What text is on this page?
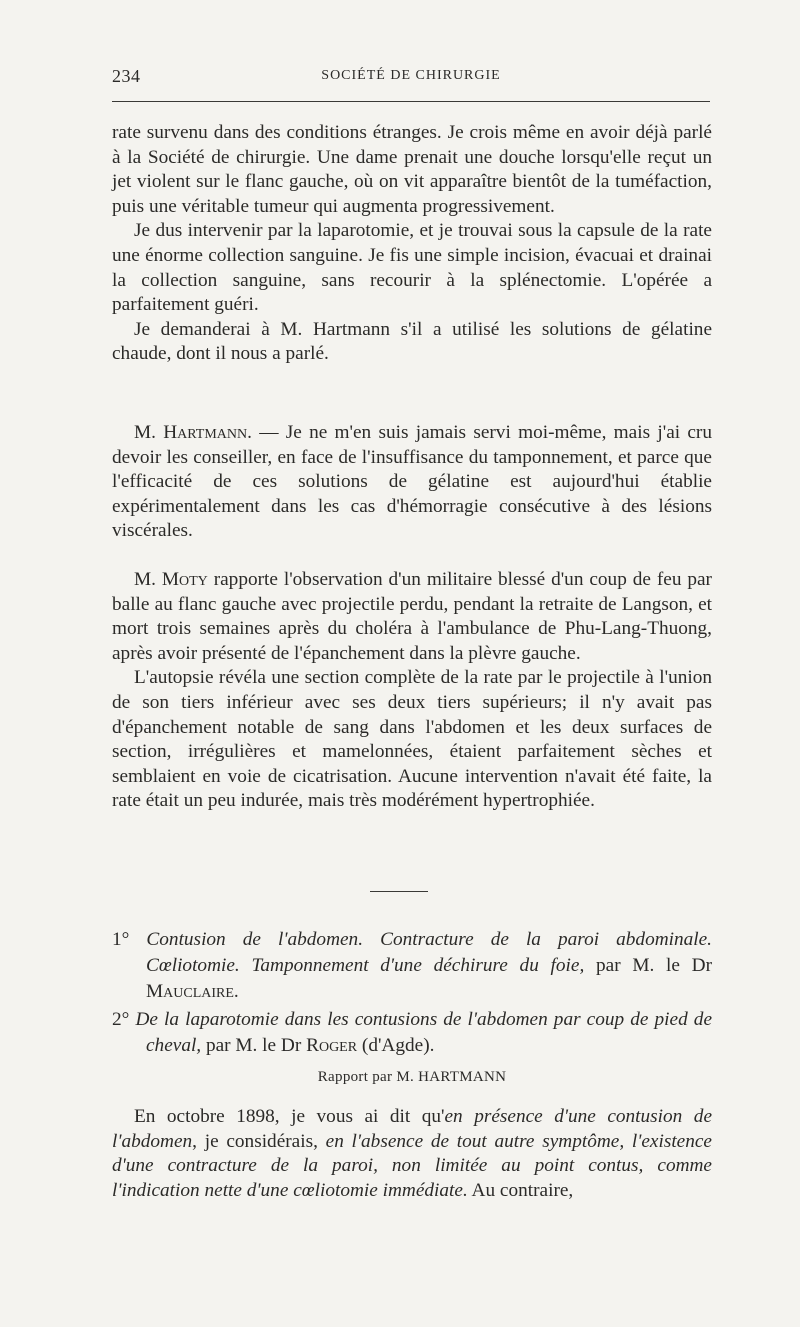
234	SOCIÉTÉ DE CHIRURGIE

rate survenu dans des conditions étranges. Je crois même en avoir déjà parlé à la Société de chirurgie. Une dame prenait une douche lorsqu'elle reçut un jet violent sur le flanc gauche, où on vit apparaître bientôt de la tuméfaction, puis une véritable tumeur qui augmenta progressivement.

Je dus intervenir par la laparotomie, et je trouvai sous la capsule de la rate une énorme collection sanguine. Je fis une simple incision, évacuai et drainai la collection sanguine, sans recourir à la splénectomie. L'opérée a parfaitement guéri.

Je demanderai à M. Hartmann s'il a utilisé les solutions de gélatine chaude, dont il nous a parlé.

M. Hartmann. — Je ne m'en suis jamais servi moi-même, mais j'ai cru devoir les conseiller, en face de l'insuffisance du tamponnement, et parce que l'efficacité de ces solutions de gélatine est aujourd'hui établie expérimentalement dans les cas d'hémorragie consécutive à des lésions viscérales.

M. Moty rapporte l'observation d'un militaire blessé d'un coup de feu par balle au flanc gauche avec projectile perdu, pendant la retraite de Langson, et mort trois semaines après du choléra à l'ambulance de Phu-Lang-Thuong, après avoir présenté de l'épanchement dans la plèvre gauche.

L'autopsie révéla une section complète de la rate par le projectile à l'union de son tiers inférieur avec ses deux tiers supérieurs; il n'y avait pas d'épanchement notable de sang dans l'abdomen et les deux surfaces de section, irrégulières et mamelonnées, étaient parfaitement sèches et semblaient en voie de cicatrisation. Aucune intervention n'avait été faite, la rate était un peu indurée, mais très modérément hypertrophiée.

1° Contusion de l'abdomen. Contracture de la paroi abdominale. Cœliotomie. Tamponnement d'une déchirure du foie, par M. le Dr Mauclaire.

2° De la laparotomie dans les contusions de l'abdomen par coup de pied de cheval, par M. le Dr Roger (d'Agde).

Rapport par M. HARTMANN

En octobre 1898, je vous ai dit qu'en présence d'une contusion de l'abdomen, je considérais, en l'absence de tout autre symptôme, l'existence d'une contracture de la paroi, non limitée au point contus, comme l'indication nette d'une cœliotomie immédiate. Au contraire,
